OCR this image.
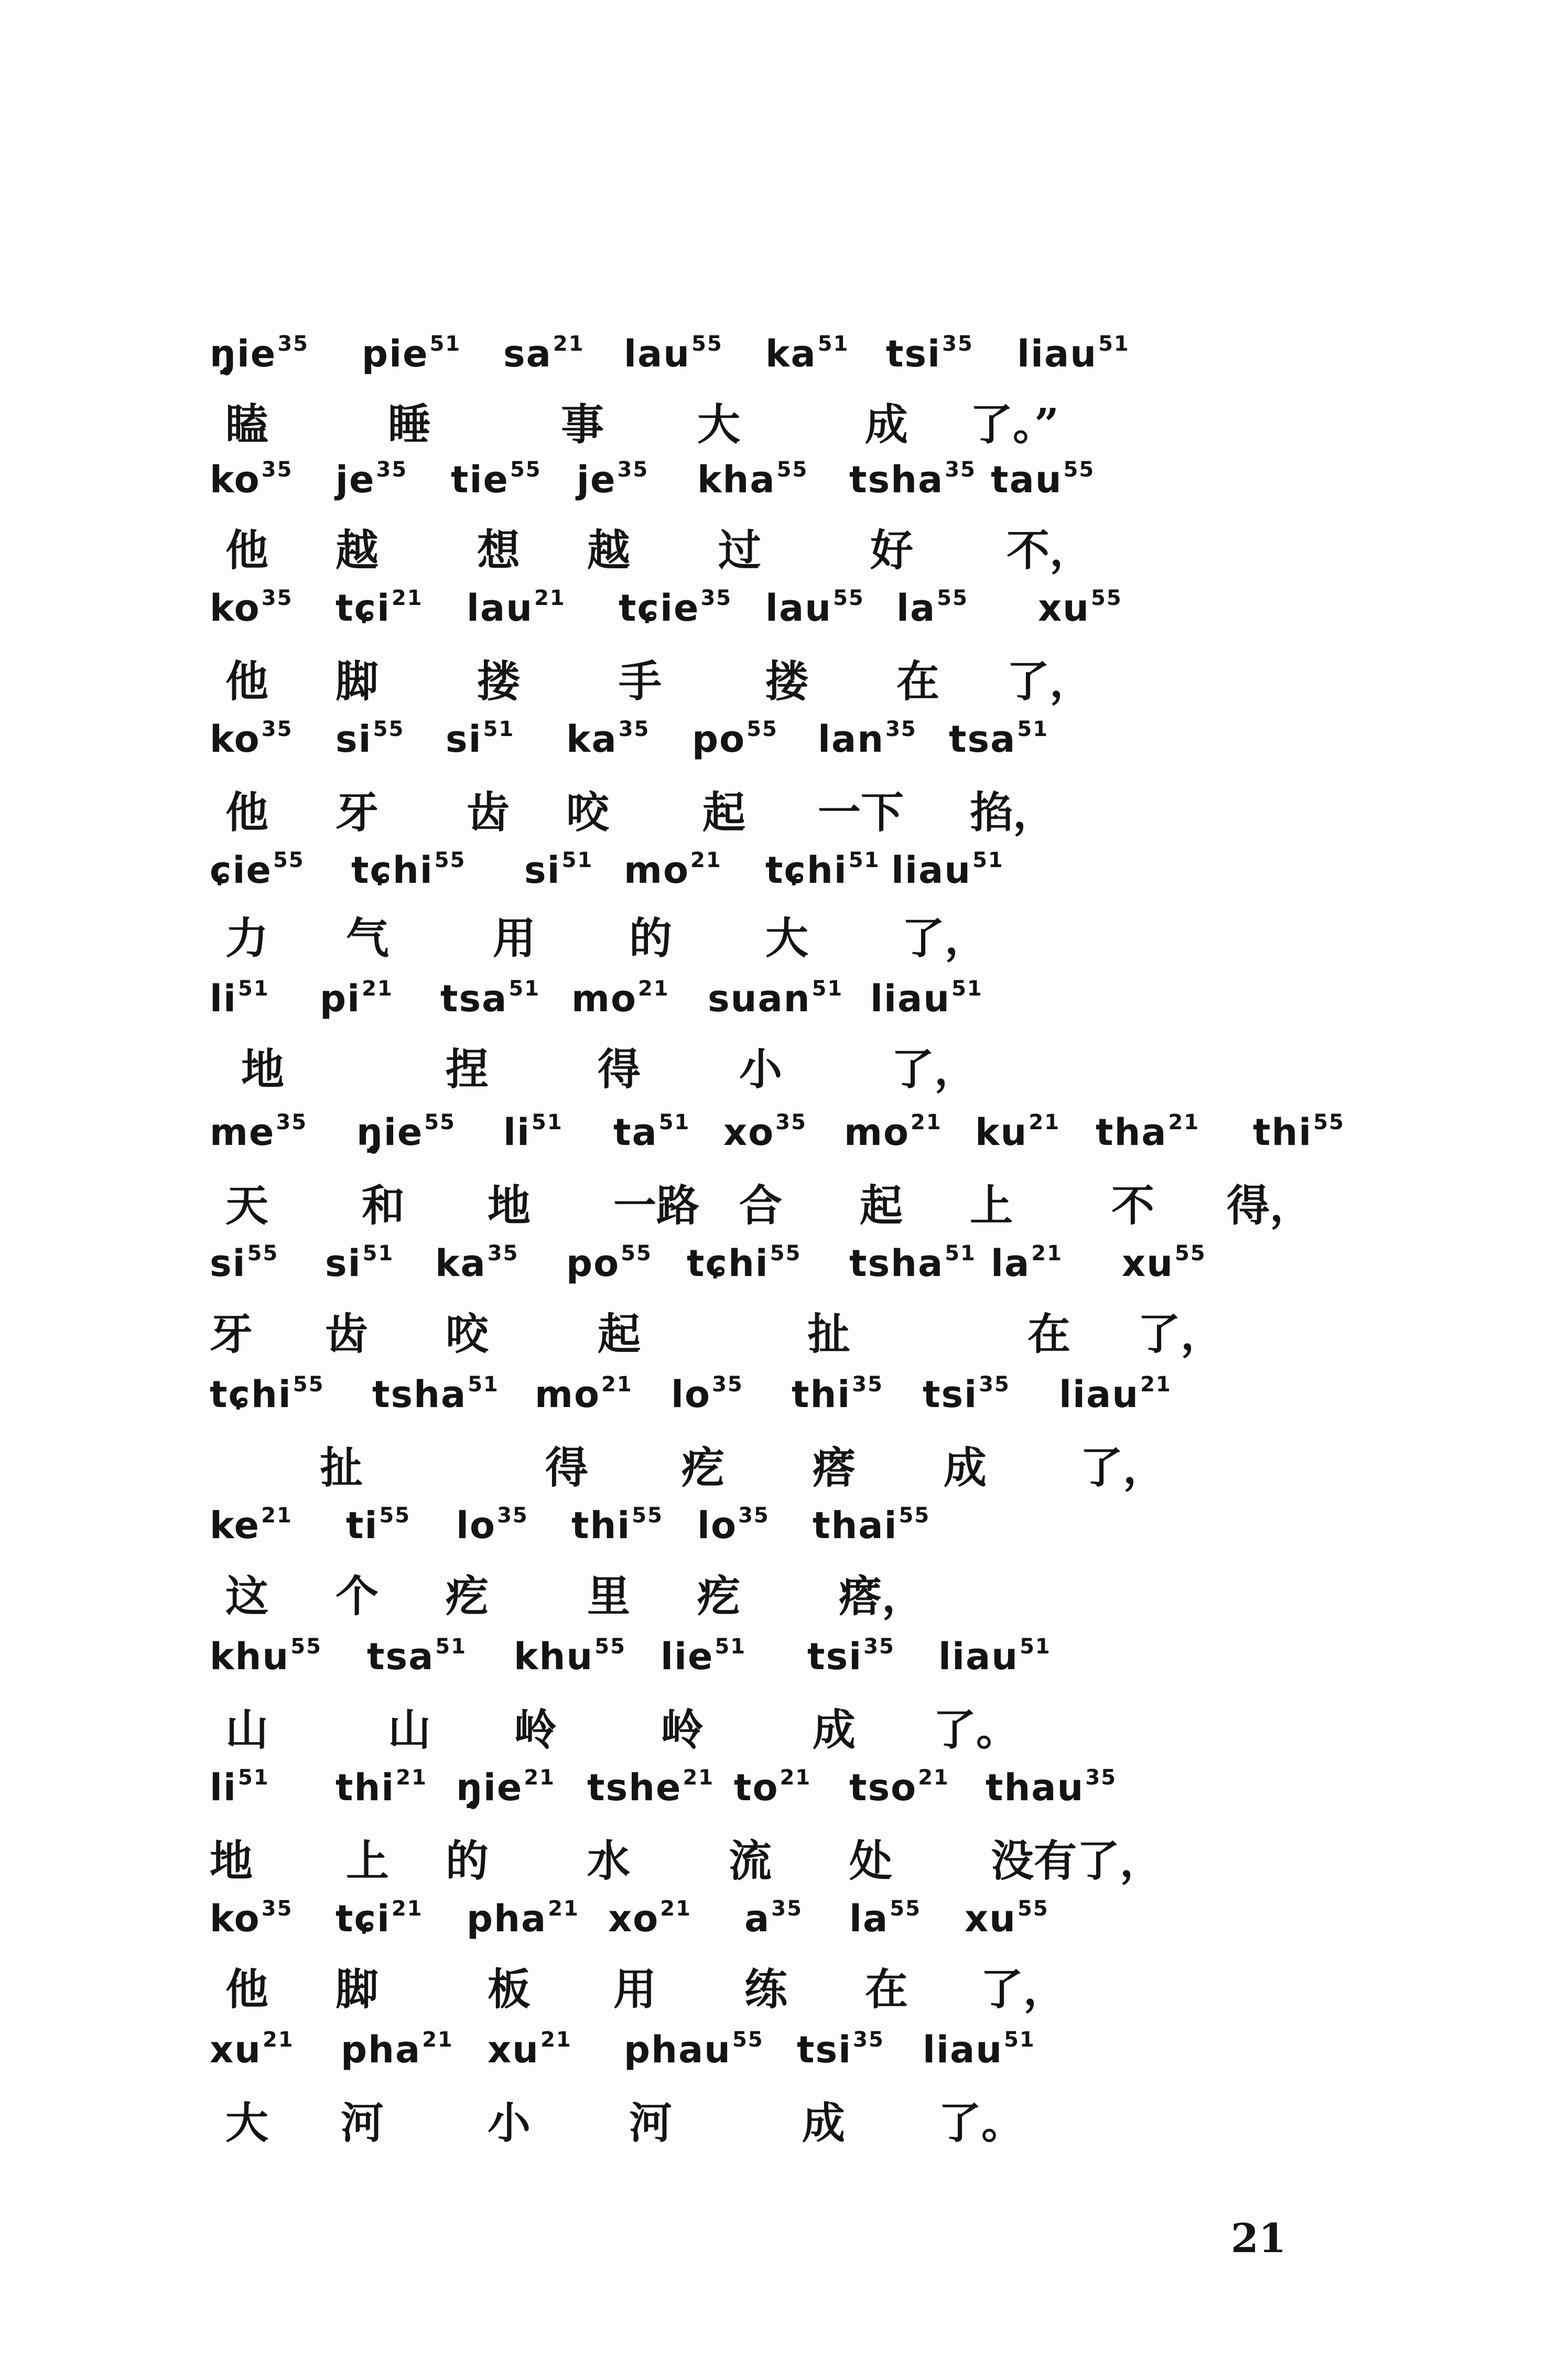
$ŋ̥ie^{35}$ pie$^{51}$ $sa^{21}$ lau$^{55}$ $ka^{51}$ tsi$^{35}$ liau$^{51}$
瞌	睡	事 大	成 了。”
$ko^{35}$ $je^{35}$ tie$^{55}$ $je^{35}$ kha$^{55}$ tsha$^{35}$ tau$^{55}$
他 越 想 越 过	好 不，
$ko^{35}$ tɕi$^{21}$ lau$^{21}$ tɕie$^{35}$ lau$^{55}$ $la^{55}$ $xu^{55}$
他 脚 搂 手 搂 在 了，
$ko^{35}$ $si^{55}$ $si^{51}$ $ka^{35}$ $po^{55}$ lan$^{35}$ tsa$^{51}$
他 牙 齿 咬 起 一下 掐，
ɕie$^{55}$ tɕhi$^{55}$ $si^{51}$ $mo^{21}$ tɕhi$^{51}$ liau$^{51}$
力 气 用 的 大 了，
$li^{51}$ $pi^{21}$ tsa$^{51}$ $mo^{21}$ suan$^{51}$ liau$^{51}$
地	捏	得 小	了，
$me^{35}$ $ŋ̥ie^{55}$ $li^{51}$ $ta^{51}$ $xo^{35}$ $mo^{21}$ $ku^{21}$ tha$^{21}$ thi$^{55}$
天 和 地 一路 合 起 上 不 得，
$si^{55}$ $si^{51}$ $ka^{35}$ $po^{55}$ tɕhi$^{55}$ tsha$^{51}$ $la^{21}$ $xu^{55}$
牙 齿 咬	起	扯	在 了，
tɕhi$^{55}$ tsha$^{51}$ $mo^{21}$ $lo^{35}$ thi$^{35}$ tsi$^{35}$ liau$^{21}$
扯	得 疙 瘩 成 了，
$ke^{21}$ $ti^{55}$ $lo^{35}$ thi$^{55}$ $lo^{35}$ thai$^{55}$
这 个 疙 里 疙 瘩，
khu$^{55}$ tsa$^{51}$ khu$^{55}$ lie$^{51}$ tsi$^{35}$ liau$^{51}$
山	山 岭 岭	成 了。
$li^{51}$ thi$^{21}$ $ŋ̥ie^{21}$ tshe$^{21}$ $to^{21}$ tso$^{21}$ thau$^{35}$
地 上 的 水 流 处 没有了，
$ko^{35}$ tɕi$^{21}$ pha$^{21}$ $xo^{21}$ $a^{35}$ $la^{55}$ $xu^{55}$
他 脚	板 用 练 在 了，
$xu^{21}$ pha$^{21}$ $xu^{21}$ phau$^{55}$ tsi$^{35}$ liau$^{51}$
大 河 小 河	成 了。
21
